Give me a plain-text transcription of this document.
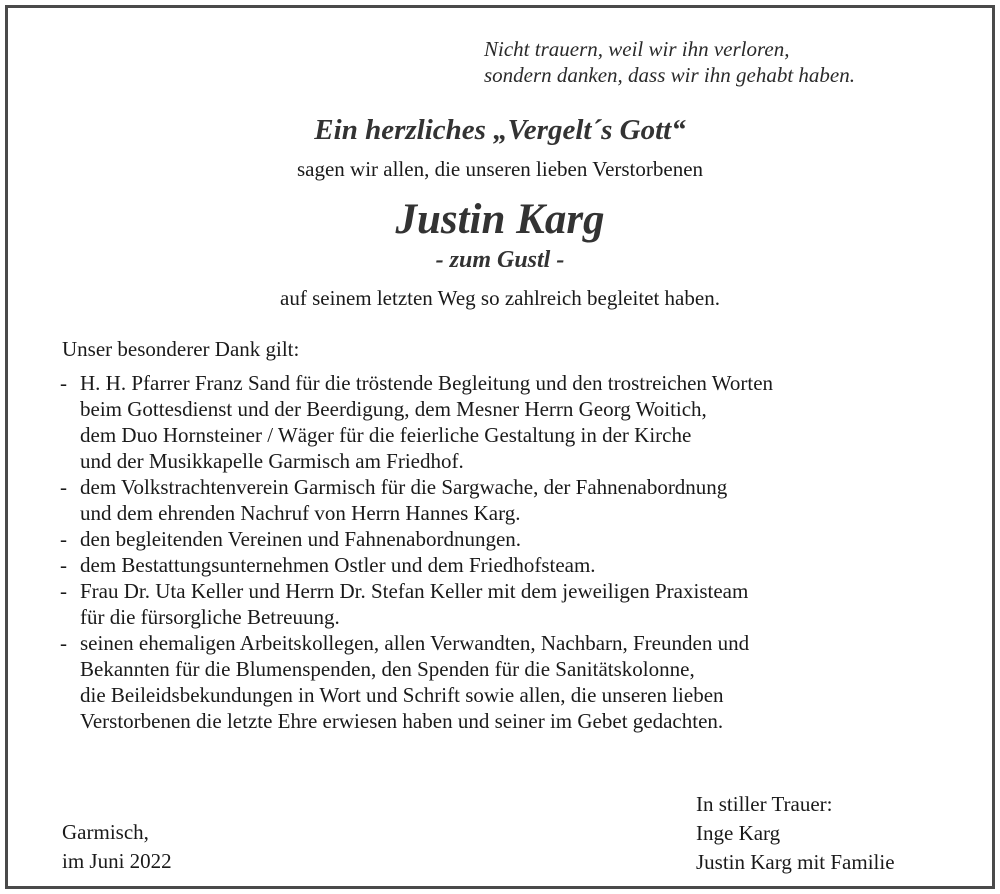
Nicht trauern, weil wir ihn verloren,
sondern danken, dass wir ihn gehabt haben.
Ein herzliches „Vergelt´s Gott“
sagen wir allen, die unseren lieben Verstorbenen
Justin Karg
- zum Gustl -
auf seinem letzten Weg so zahlreich begleitet haben.
Unser besonderer Dank gilt:
- H. H. Pfarrer Franz Sand für die tröstende Begleitung und den trostreichen Worten
beim Gottesdienst und der Beerdigung, dem Mesner Herrn Georg Woitich,
dem Duo Hornsteiner / Wäger für die feierliche Gestaltung in der Kirche
und der Musikkapelle Garmisch am Friedhof.
- dem Volkstrachtenverein Garmisch für die Sargwache, der Fahnenabordnung
und dem ehrenden Nachruf von Herrn Hannes Karg.
- den begleitenden Vereinen und Fahnenabordnungen.
- dem Bestattungsunternehmen Ostler und dem Friedhofsteam.
- Frau Dr. Uta Keller und Herrn Dr. Stefan Keller mit dem jeweiligen Praxisteam
für die fürsorgliche Betreuung.
- seinen ehemaligen Arbeitskollegen, allen Verwandten, Nachbarn, Freunden und
Bekannten für die Blumenspenden, den Spenden für die Sanitätskolonne,
die Beileidsbekundungen in Wort und Schrift sowie allen, die unseren lieben
Verstorbenen die letzte Ehre erwiesen haben und seiner im Gebet gedachten.
In stiller Trauer:
Inge Karg
Justin Karg mit Familie
Garmisch,
im Juni 2022
